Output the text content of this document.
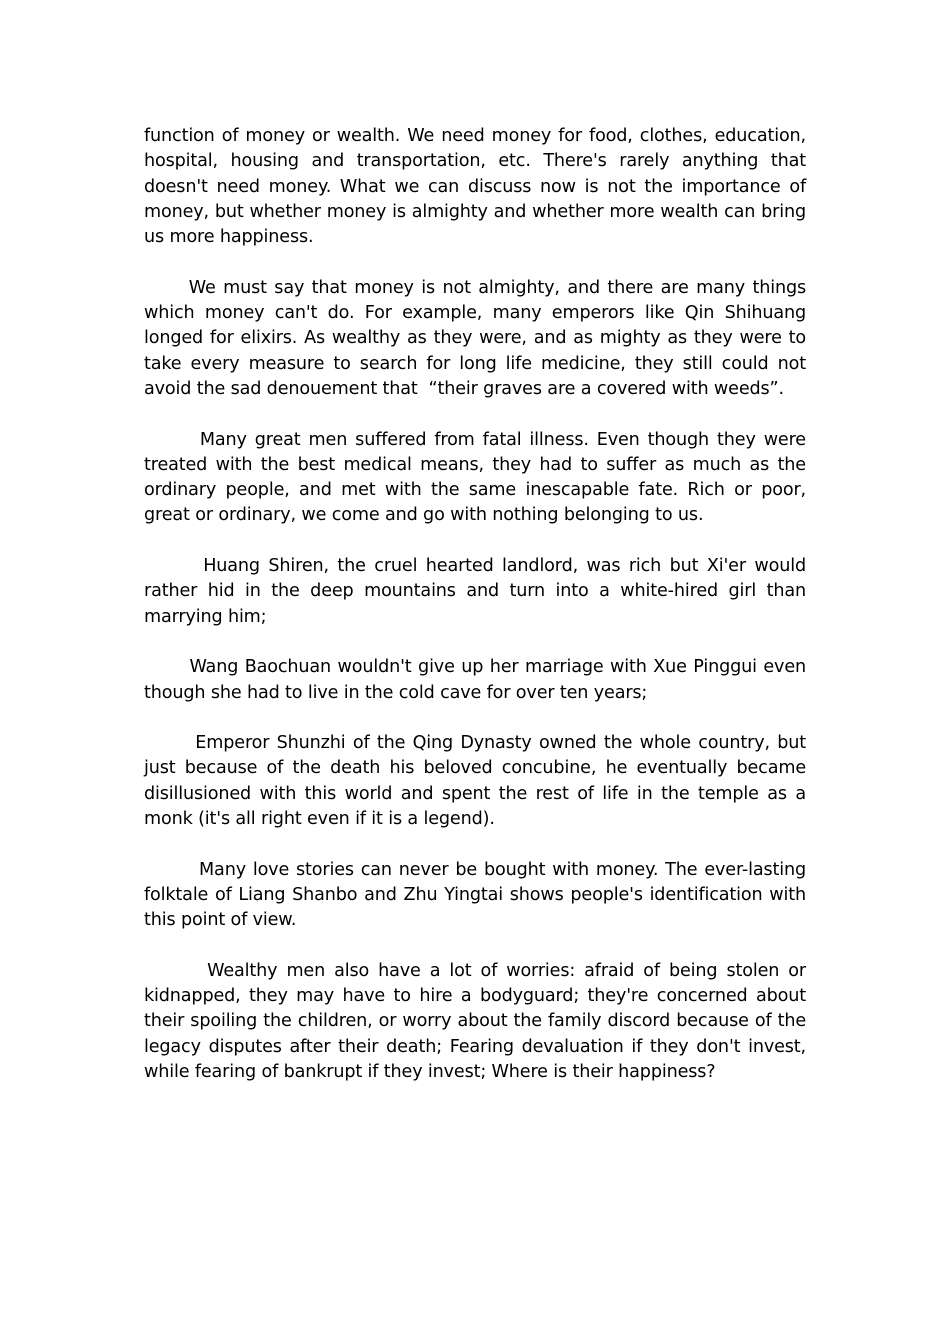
function of money or wealth. We need money for food, clothes, education, hospital, housing and transportation, etc. There's rarely anything that doesn't need money. What we can discuss now is not the importance of money, but whether money is almighty and whether more wealth can bring us more happiness.

We must say that money is not almighty, and there are many things which money can't do. For example, many emperors like Qin Shihuang longed for elixirs. As wealthy as they were, and as mighty as they were to take every measure to search for long life medicine, they still could not avoid the sad denouement that  “their graves are a covered with weeds”.

Many great men suffered from fatal illness. Even though they were treated with the best medical means, they had to suffer as much as the ordinary people, and met with the same inescapable fate. Rich or poor, great or ordinary, we come and go with nothing belonging to us.

Huang Shiren, the cruel hearted landlord, was rich but Xi'er would rather hid in the deep mountains and turn into a white-hired girl than marrying him;

Wang Baochuan wouldn't give up her marriage with Xue Pinggui even though she had to live in the cold cave for over ten years;

Emperor Shunzhi of the Qing Dynasty owned the whole country, but just because of the death his beloved concubine, he eventually became disillusioned with this world and spent the rest of life in the temple as a monk (it's all right even if it is a legend).

Many love stories can never be bought with money. The ever-lasting folktale of Liang Shanbo and Zhu Yingtai shows people's identification with this point of view.

Wealthy men also have a lot of worries: afraid of being stolen or kidnapped, they may have to hire a bodyguard; they're concerned about their spoiling the children, or worry about the family discord because of the legacy disputes after their death; Fearing devaluation if they don't invest, while fearing of bankrupt if they invest; Where is their happiness?
